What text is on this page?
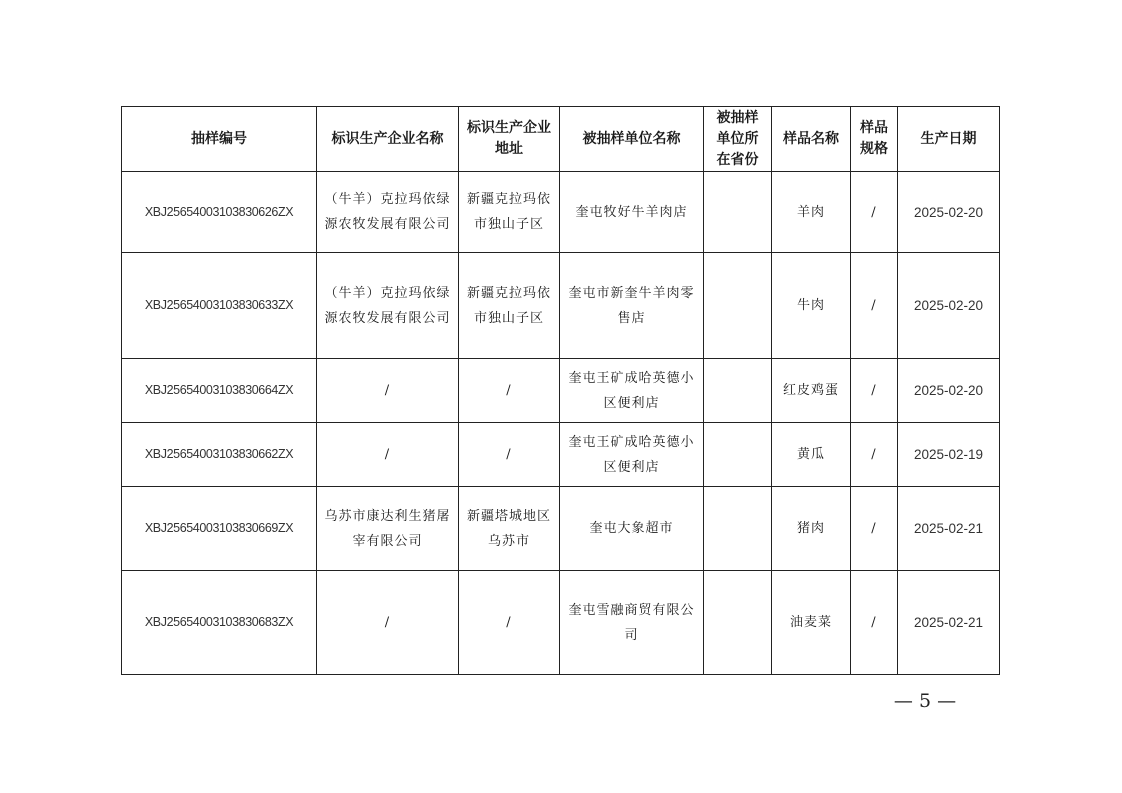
抽样编号	标识生产企业名称	标识生产企业地址	被抽样单位名称	被抽样单位所在省份	样品名称	样品规格	生产日期
XBJ25654003103830626ZX	（牛羊）克拉玛依绿源农牧发展有限公司	新疆克拉玛依市独山子区	奎屯牧好牛羊肉店		羊肉	/	2025-02-20
XBJ25654003103830633ZX	（牛羊）克拉玛依绿源农牧发展有限公司	新疆克拉玛依市独山子区	奎屯市新奎牛羊肉零售店		牛肉	/	2025-02-20
XBJ25654003103830664ZX	/	/	奎屯王矿成哈英德小区便利店		红皮鸡蛋	/	2025-02-20
XBJ25654003103830662ZX	/	/	奎屯王矿成哈英德小区便利店		黄瓜	/	2025-02-19
XBJ25654003103830669ZX	乌苏市康达利生猪屠宰有限公司	新疆塔城地区乌苏市	奎屯大象超市		猪肉	/	2025-02-21
XBJ25654003103830683ZX	/	/	奎屯雪融商贸有限公司		油麦菜	/	2025-02-21
— 5 —
